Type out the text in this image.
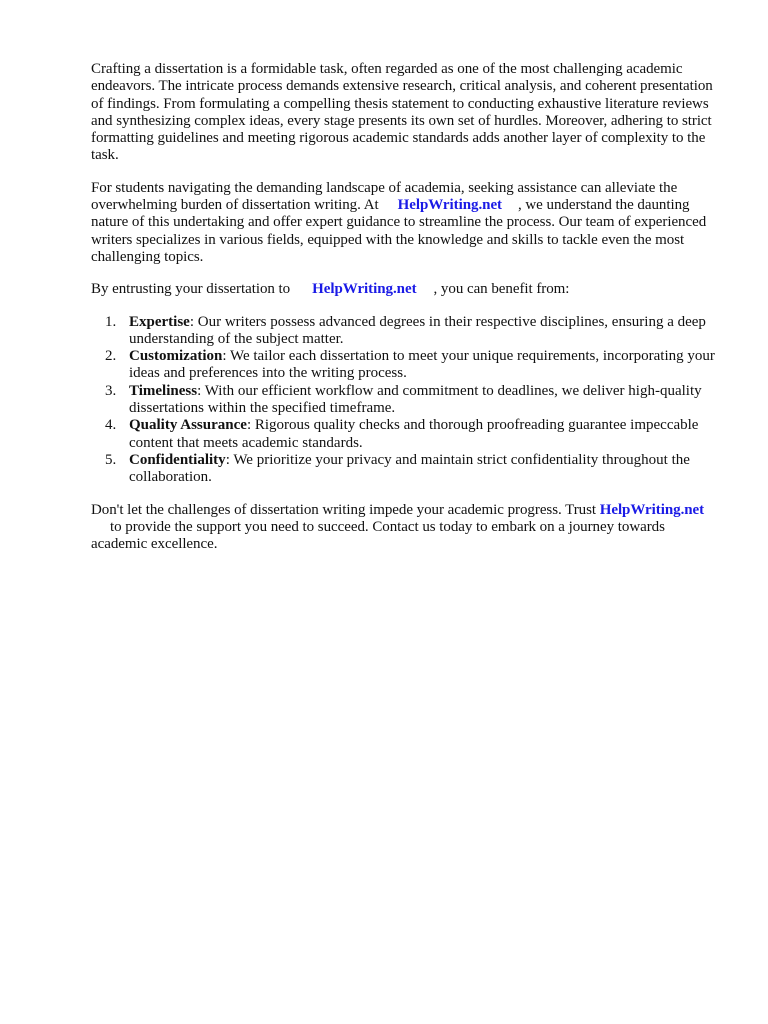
Crafting a dissertation is a formidable task, often regarded as one of the most challenging academic endeavors. The intricate process demands extensive research, critical analysis, and coherent presentation of findings. From formulating a compelling thesis statement to conducting exhaustive literature reviews and synthesizing complex ideas, every stage presents its own set of hurdles. Moreover, adhering to strict formatting guidelines and meeting rigorous academic standards adds another layer of complexity to the task.

For students navigating the demanding landscape of academia, seeking assistance can alleviate the overwhelming burden of dissertation writing. At HelpWriting.net , we understand the daunting nature of this undertaking and offer expert guidance to streamline the process. Our team of experienced writers specializes in various fields, equipped with the knowledge and skills to tackle even the most challenging topics.

By entrusting your dissertation to HelpWriting.net , you can benefit from:

1. Expertise: Our writers possess advanced degrees in their respective disciplines, ensuring a deep understanding of the subject matter.
2. Customization: We tailor each dissertation to meet your unique requirements, incorporating your ideas and preferences into the writing process.
3. Timeliness: With our efficient workflow and commitment to deadlines, we deliver high-quality dissertations within the specified timeframe.
4. Quality Assurance: Rigorous quality checks and thorough proofreading guarantee impeccable content that meets academic standards.
5. Confidentiality: We prioritize your privacy and maintain strict confidentiality throughout the collaboration.

Don't let the challenges of dissertation writing impede your academic progress. Trust HelpWriting.netto provide the support you need to succeed. Contact us today to embark on a journey towards academic excellence.
